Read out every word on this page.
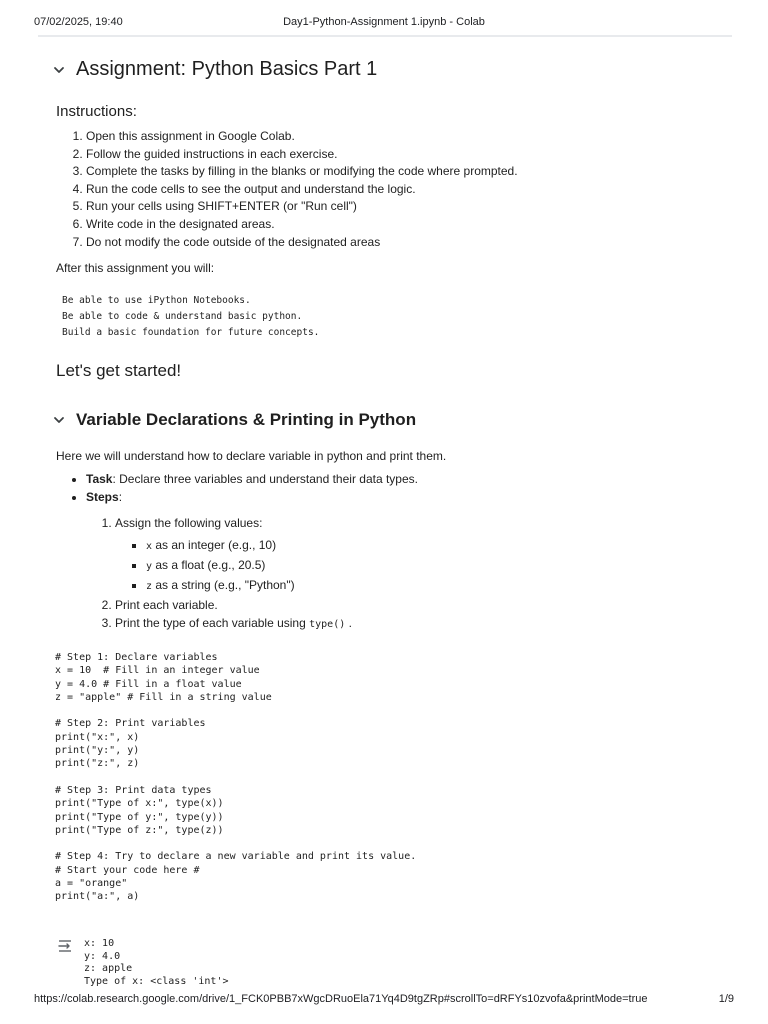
07/02/2025, 19:40	Day1-Python-Assignment 1.ipynb - Colab
Assignment: Python Basics Part 1
Instructions:
1. Open this assignment in Google Colab.
2. Follow the guided instructions in each exercise.
3. Complete the tasks by filling in the blanks or modifying the code where prompted.
4. Run the code cells to see the output and understand the logic.
5. Run your cells using SHIFT+ENTER (or "Run cell")
6. Write code in the designated areas.
7. Do not modify the code outside of the designated areas
After this assignment you will:
Be able to use iPython Notebooks.
Be able to code & understand basic python.
Build a basic foundation for future concepts.
Let's get started!
Variable Declarations & Printing in Python
Here we will understand how to declare variable in python and print them.
• Task: Declare three variables and understand their data types.
• Steps:
1. Assign the following values:
▪ x as an integer (e.g., 10)
▪ y as a float (e.g., 20.5)
▪ z as a string (e.g., "Python")
2. Print each variable.
3. Print the type of each variable using type() .
# Step 1: Declare variables
x = 10  # Fill in an integer value
y = 4.0 # Fill in a float value
z = "apple" # Fill in a string value

# Step 2: Print variables
print("x:", x)
print("y:", y)
print("z:", z)

# Step 3: Print data types
print("Type of x:", type(x))
print("Type of y:", type(y))
print("Type of z:", type(z))

# Step 4: Try to declare a new variable and print its value.
# Start your code here #
a = "orange"
print("a:", a)
x: 10
y: 4.0
z: apple
Type of x: <class 'int'>
https://colab.research.google.com/drive/1_FCK0PBB7xWgcDRuoEla71Yq4D9tgZRp#scrollTo=dRFYs10zvofa&printMode=true	1/9
